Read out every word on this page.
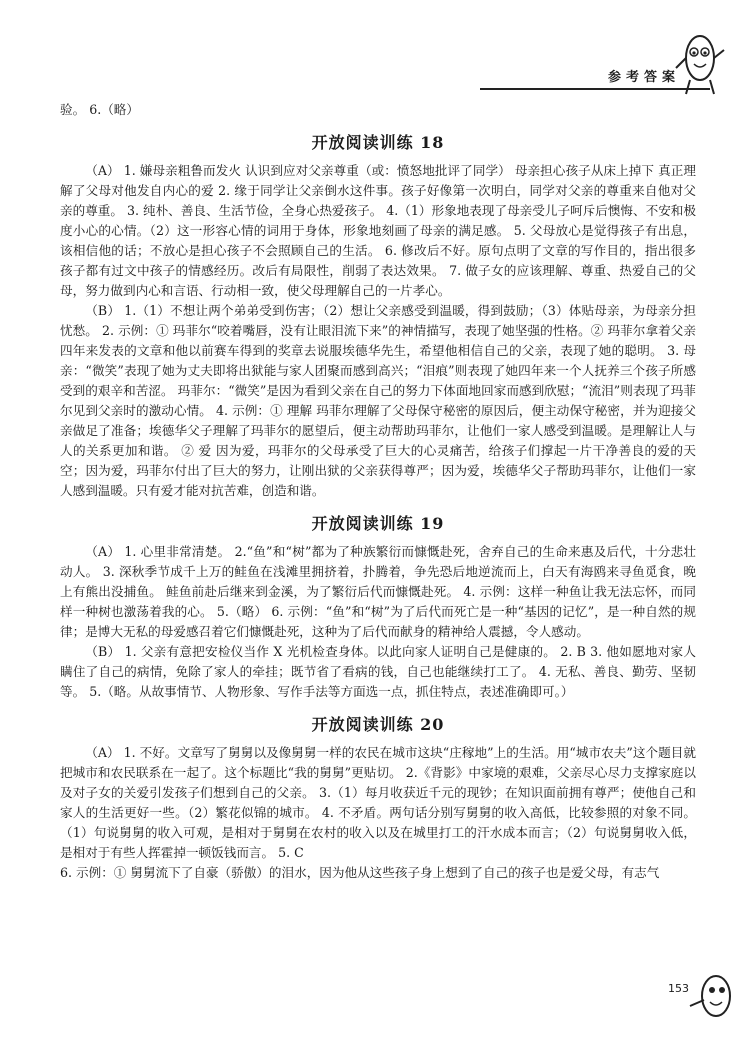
参考答案

验。 6.（略）

开放阅读训练 18

（A） 1. 嫌母亲粗鲁而发火 认识到应对父亲尊重（或：愤怒地批评了同学） 母亲担心孩子从床上掉下 真正理解了父母对他发自内心的爱 2. 缘于同学让父亲倒水这件事。孩子好像第一次明白，同学对父亲的尊重来自他对父亲的尊重。 3. 纯朴、善良、生活节俭，全身心热爱孩子。 4.（1）形象地表现了母亲受儿子呵斥后懊悔、不安和极度小心的心情。（2）这一形容心情的词用于身体，形象地刻画了母亲的满足感。 5. 父母放心是觉得孩子有出息，该相信他的话；不放心是担心孩子不会照顾自己的生活。 6. 修改后不好。原句点明了文章的写作目的，指出很多孩子都有过文中孩子的情感经历。改后有局限性，削弱了表达效果。 7. 做子女的应该理解、尊重、热爱自己的父母，努力做到内心和言语、行动相一致，使父母理解自己的一片孝心。

（B） 1.（1）不想让两个弟弟受到伤害；（2）想让父亲感受到温暖，得到鼓励；（3）体贴母亲，为母亲分担忧愁。 2. 示例：① 玛菲尔“咬着嘴唇，没有让眼泪流下来”的神情描写，表现了她坚强的性格。② 玛菲尔拿着父亲四年来发表的文章和他以前赛车得到的奖章去说服埃德华先生，希望他相信自己的父亲，表现了她的聪明。 3. 母亲：“微笑”表现了她为丈夫即将出狱能与家人团聚而感到高兴；“泪痕”则表现了她四年来一个人抚养三个孩子所感受到的艰辛和苦涩。 玛菲尔：“微笑”是因为看到父亲在自己的努力下体面地回家而感到欣慰；“流泪”则表现了玛菲尔见到父亲时的激动心情。 4. 示例：① 理解 玛菲尔理解了父母保守秘密的原因后，便主动保守秘密，并为迎接父亲做足了准备；埃德华父子理解了玛菲尔的愿望后，便主动帮助玛菲尔，让他们一家人感受到温暖。是理解让人与人的关系更加和谐。 ② 爱 因为爱，玛菲尔的父母承受了巨大的心灵痛苦，给孩子们撑起一片干净善良的爱的天空；因为爱，玛菲尔付出了巨大的努力，让刚出狱的父亲获得尊严；因为爱，埃德华父子帮助玛菲尔，让他们一家人感到温暖。只有爱才能对抗苦难，创造和谐。

开放阅读训练 19

（A） 1. 心里非常清楚。 2.“鱼”和“树”都为了种族繁衍而慷慨赴死，舍弃自己的生命来惠及后代，十分悲壮动人。 3. 深秋季节成千上万的鲑鱼在浅滩里拥挤着，扑腾着，争先恐后地逆流而上，白天有海鸥来寻鱼觅食，晚上有熊出没捕鱼。 鲑鱼前赴后继来到金溪，为了繁衍后代而慷慨赴死。 4. 示例：这样一种鱼让我无法忘怀，而同样一种树也激荡着我的心。 5.（略） 6. 示例：“鱼”和“树”为了后代而死亡是一种“基因的记忆”，是一种自然的规律；是博大无私的母爱感召着它们慷慨赴死，这种为了后代而献身的精神给人震撼，令人感动。

（B） 1. 父亲有意把安检仪当作 X 光机检查身体。以此向家人证明自己是健康的。 2. B 3. 他如愿地对家人瞒住了自己的病情，免除了家人的牵挂；既节省了看病的钱，自己也能继续打工了。 4. 无私、善良、勤劳、坚韧等。 5.（略。从故事情节、人物形象、写作手法等方面选一点，抓住特点，表述准确即可。）

开放阅读训练 20

（A） 1. 不好。文章写了舅舅以及像舅舅一样的农民在城市这块“庄稼地”上的生活。用“城市农夫”这个题目就把城市和农民联系在一起了。这个标题比“我的舅舅”更贴切。 2.《背影》中家境的艰难，父亲尽心尽力支撑家庭以及对子女的关爱引发孩子们想到自己的父亲。 3.（1）每月收获近千元的现钞；在知识面前拥有尊严；使他自己和家人的生活更好一些。（2）繁花似锦的城市。 4. 不矛盾。两句话分别写舅舅的收入高低，比较参照的对象不同。（1）句说舅舅的收入可观，是相对于舅舅在农村的收入以及在城里打工的汗水成本而言；（2）句说舅舅收入低，是相对于有些人挥霍掉一顿饭钱而言。 5. C

6. 示例：① 舅舅流下了自豪（骄傲）的泪水，因为他从这些孩子身上想到了自己的孩子也是爱父母，有志气

153
